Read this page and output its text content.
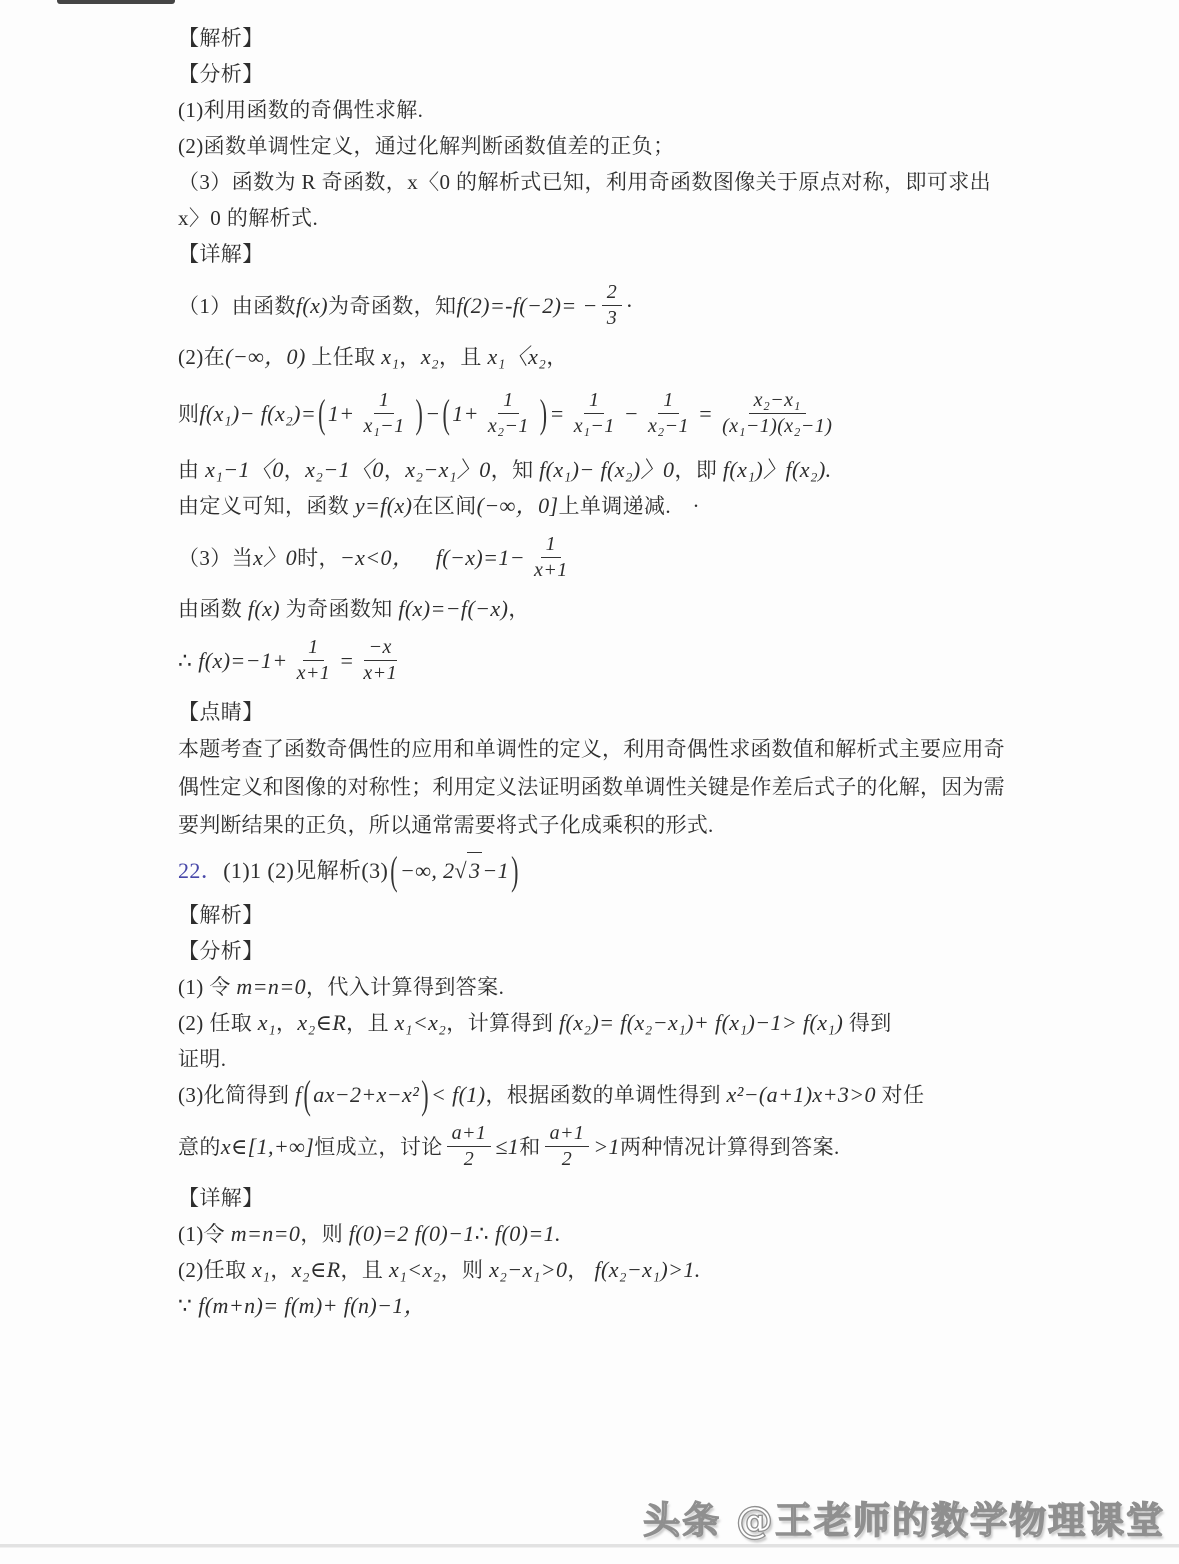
【解析】
【分析】
(1)利用函数的奇偶性求解.
(2)函数单调性定义，通过化解判断函数值差的正负；
（3）函数为 R 奇函数，x〈0 的解析式已知，利用奇函数图像关于原点对称，即可求出
x〉0 的解析式.
【详解】
（1）由函数 f(x) 为奇函数，知 $f(2)=-f(-2)= - \frac{2}{3}$ ·
(2)在(−∞，0) 上任取 x₁，x₂，且 x₁〈x₂，
则 f(x₁)− f(x₂)= ( $1+ \frac{1}{\text{x₁−1}}$ ) − ( $1+ \frac{1}{\text{x₂−1}}$ ) = $\frac{1}{\text{x₁−1}} - \frac{1}{\text{x₂−1}} = \frac{\text{x₂−x₁}}{\text{(x₁−1)(x₂−1)}}$
由 x₁−1〈0，x₂−1〈0，x₂−x₁〉0，知 f(x₁)− f(x₂)〉0，即 f(x₁)〉f(x₂).
由定义可知，函数 y=f(x)在区间(−∞，0]上单调递减.　·
（3）当 x〉0 时， −x<0，
　 $f(-x)=1- \frac{1}{x+1}$
由函数 f(x) 为奇函数知 f(x)=−f(−x)，
∴ $f(x)=-1+ \frac{1}{x+1} = \frac{-x}{x+1}$
【点睛】
本题考查了函数奇偶性的应用和单调性的定义，利用奇偶性求函数值和解析式主要应用奇
偶性定义和图像的对称性；利用定义法证明函数单调性关键是作差后式子的化解，因为需
要判断结果的正负，所以通常需要将式子化成乘积的形式.
22． (1)1 (2)见解析(3) ( −∞, 2 √ 3 −1 )
【解析】
【分析】
(1) 令 m=n=0，代入计算得到答案.
(2) 任取 x₁，x₂∈R，且 x₁<x₂，计算得到 f(x₂)= f(x₂−x₁)+ f(x₁)−1> f(x₁) 得到
证明.
(3)化简得到 f(ax−2+x−x²)< f(1)，根据函数的单调性得到 x²−(a+1)x+3>0 对任
意的 x∈[1,+∞] 恒成立，讨论 $\frac{a+1}{2} \le 1$ 和 $\frac{a+1}{2} >1$ 两种情况计算得到答案.
【详解】
(1)令 m=n=0，则 f(0)=2 f(0)−1∴ f(0)=1.
(2)任取 x₁，x₂∈R，且 x₁<x₂，则 x₂−x₁>0， f(x₂−x₁)>1.
∵ f(m+n)= f(m)+ f(n)−1，
头条 @王老师的数学物理课堂
